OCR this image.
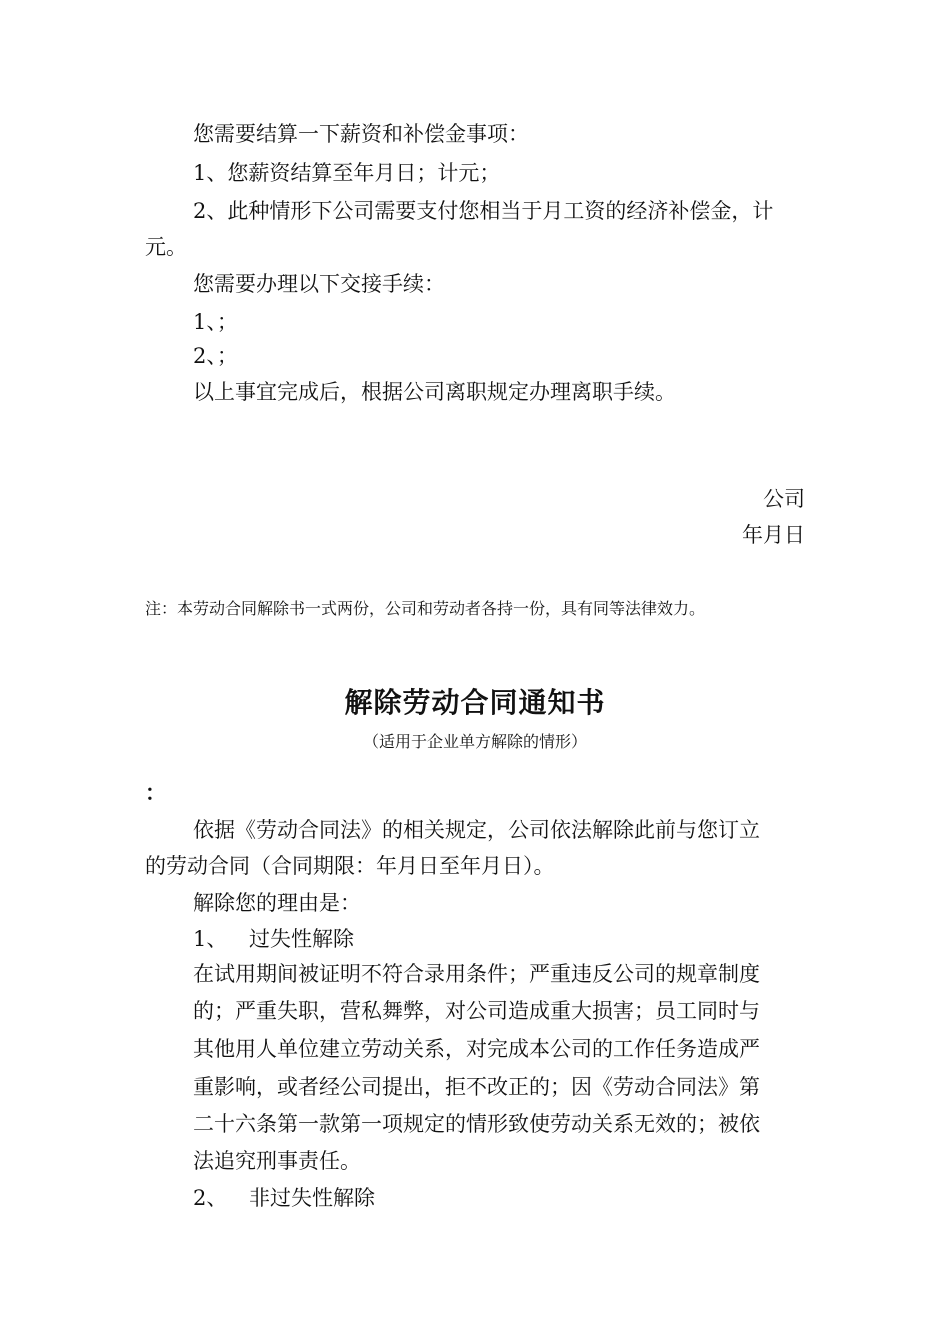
您需要结算一下薪资和补偿金事项：
1、您薪资结算至年月日；计元；
2、此种情形下公司需要支付您相当于月工资的经济补偿金，计
元。
您需要办理以下交接手续：
1、；
2、；
以上事宜完成后，根据公司离职规定办理离职手续。
公司
年月日
注：本劳动合同解除书一式两份，公司和劳动者各持一份，具有同等法律效力。
解除劳动合同通知书
（适用于企业单方解除的情形）
：
依据《劳动合同法》的相关规定，公司依法解除此前与您订立
的劳动合同（合同期限：年月日至年月日）。
解除您的理由是：
1、 过失性解除
在试用期间被证明不符合录用条件；严重违反公司的规章制度
的；严重失职，营私舞弊，对公司造成重大损害；员工同时与
其他用人单位建立劳动关系，对完成本公司的工作任务造成严
重影响，或者经公司提出，拒不改正的；因《劳动合同法》第
二十六条第一款第一项规定的情形致使劳动关系无效的；被依
法追究刑事责任。
2、 非过失性解除
